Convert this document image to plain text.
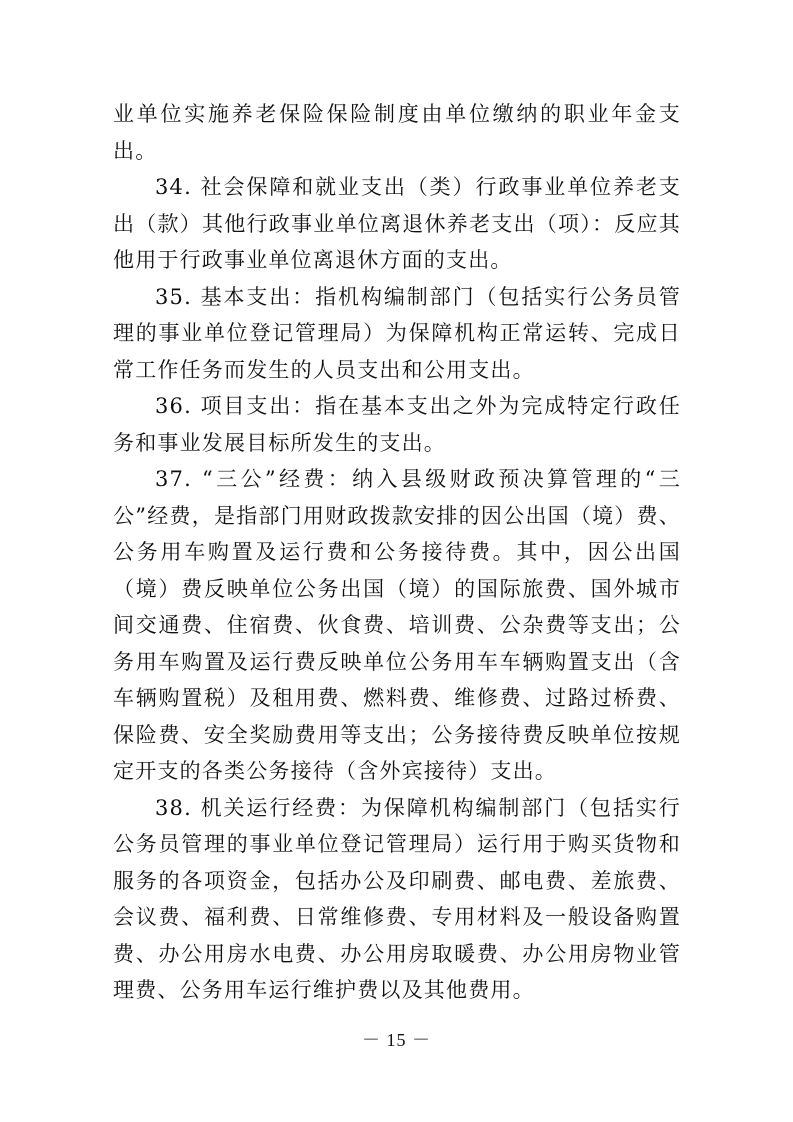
业单位实施养老保险保险制度由单位缴纳的职业年金支出。

34. 社会保障和就业支出（类）行政事业单位养老支出（款）其他行政事业单位离退休养老支出（项）：反应其他用于行政事业单位离退休方面的支出。

35. 基本支出：指机构编制部门（包括实行公务员管理的事业单位登记管理局）为保障机构正常运转、完成日常工作任务而发生的人员支出和公用支出。

36. 项目支出：指在基本支出之外为完成特定行政任务和事业发展目标所发生的支出。

37. “三公”经费：纳入县级财政预决算管理的“三公”经费，是指部门用财政拨款安排的因公出国（境）费、公务用车购置及运行费和公务接待费。其中，因公出国（境）费反映单位公务出国（境）的国际旅费、国外城市间交通费、住宿费、伙食费、培训费、公杂费等支出；公务用车购置及运行费反映单位公务用车车辆购置支出（含车辆购置税）及租用费、燃料费、维修费、过路过桥费、保险费、安全奖励费用等支出；公务接待费反映单位按规定开支的各类公务接待（含外宾接待）支出。

38. 机关运行经费：为保障机构编制部门（包括实行公务员管理的事业单位登记管理局）运行用于购买货物和服务的各项资金，包括办公及印刷费、邮电费、差旅费、会议费、福利费、日常维修费、专用材料及一般设备购置费、办公用房水电费、办公用房取暖费、办公用房物业管理费、公务用车运行维护费以及其他费用。

－ 15 －
